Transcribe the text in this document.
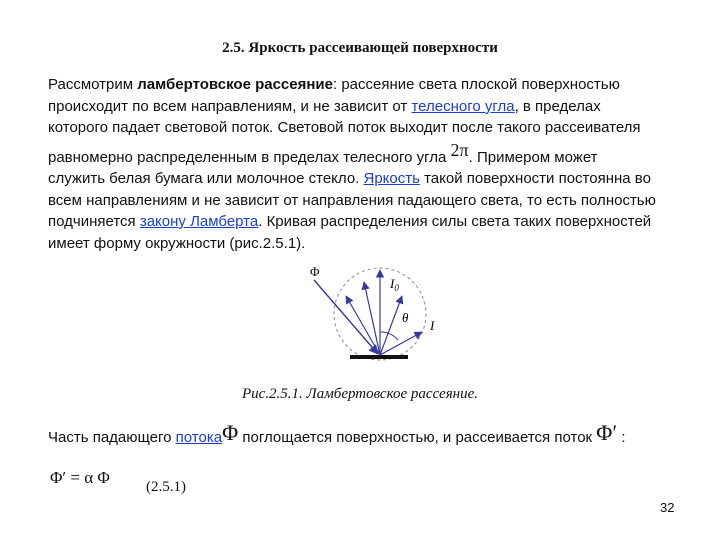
2.5. Яркость рассеивающей поверхности
Рассмотрим ламбертовское рассеяние: рассеяние света плоской поверхностью
происходит по всем направлениям, и не зависит от телесного угла, в пределах
которого падает световой поток. Световой поток выходит после такого рассеивателя
равномерно распределенным в пределах телесного угла 2π. Примером может
служить белая бумага или молочное стекло. Яркость такой поверхности постоянна во
всем направлениям и не зависит от направления падающего света, то есть полностью
подчиняется закону Ламберта. Кривая распределения силы света таких поверхностей
имеет форму окружности (рис.2.5.1).
Φ
$I_0$
θ
I
Рис.2.5.1. Ламбертовское рассеяние.
Часть падающего потокаΦ поглощается поверхностью, и рассеивается поток Φ′ :
Φ′ = α Φ (2.5.1)
32
